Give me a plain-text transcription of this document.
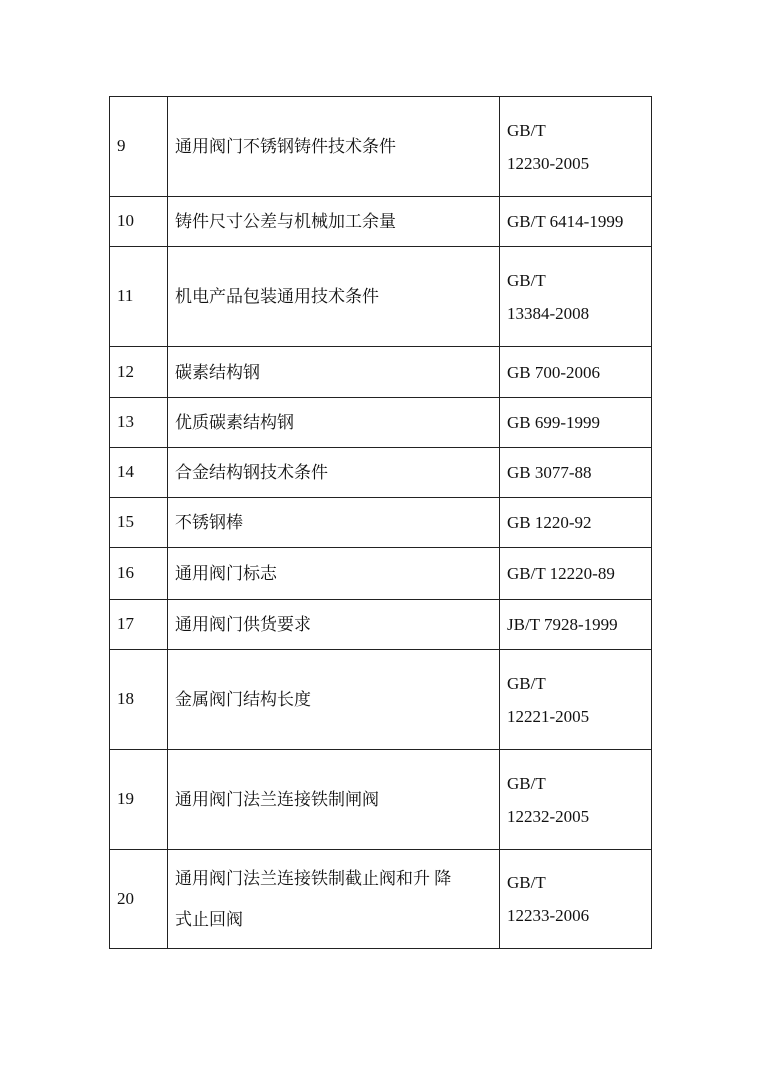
9	通用阀门不锈钢铸件技术条件	GB/T
12230-2005

10	铸件尺寸公差与机械加工余量	GB/T 6414-1999

11	机电产品包装通用技术条件	GB/T
13384-2008

12	碳素结构钢	GB 700-2006

13	优质碳素结构钢	GB 699-1999

14	合金结构钢技术条件	GB 3077-88

15	不锈钢棒	GB 1220-92

16	通用阀门标志	GB/T 12220-89

17	通用阀门供货要求	JB/T 7928-1999

18	金属阀门结构长度	GB/T
12221-2005

19	通用阀门法兰连接铁制闸阀	GB/T
12232-2005

20	通用阀门法兰连接铁制截止阀和升 降
式止回阀	GB/T
12233-2006
